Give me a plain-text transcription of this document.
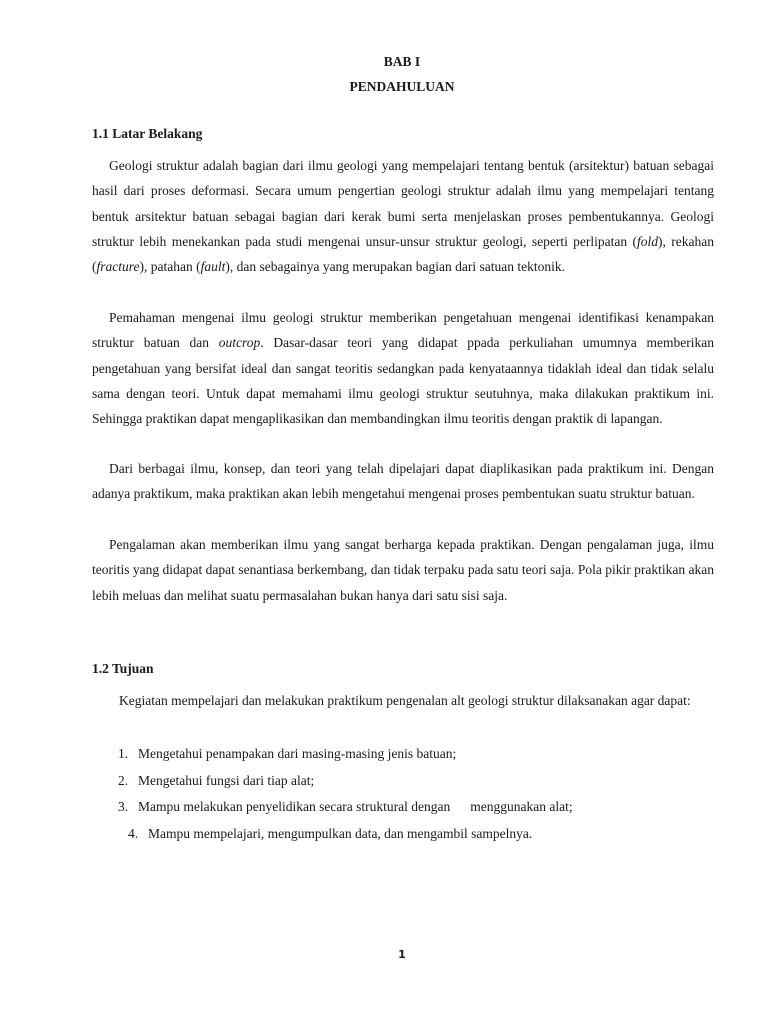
BAB I
PENDAHULUAN
1.1 Latar Belakang

Geologi struktur adalah bagian dari ilmu geologi yang mempelajari tentang bentuk (arsitektur) batuan sebagai hasil dari proses deformasi. Secara umum pengertian geologi struktur adalah ilmu yang mempelajari tentang bentuk arsitektur batuan sebagai bagian dari kerak bumi serta menjelaskan proses pembentukannya. Geologi struktur lebih menekankan pada studi mengenai unsur-unsur struktur geologi, seperti perlipatan (fold), rekahan (fracture), patahan (fault), dan sebagainya yang merupakan bagian dari satuan tektonik.

Pemahaman mengenai ilmu geologi struktur memberikan pengetahuan mengenai identifikasi kenampakan struktur batuan dan outcrop. Dasar-dasar teori yang didapat ppada perkuliahan umumnya memberikan pengetahuan yang bersifat ideal dan sangat teoritis sedangkan pada kenyataannya tidaklah ideal dan tidak selalu sama dengan teori. Untuk dapat memahami ilmu geologi struktur seutuhnya, maka dilakukan praktikum ini. Sehingga praktikan dapat mengaplikasikan dan membandingkan ilmu teoritis dengan praktik di lapangan.

Dari berbagai ilmu, konsep, dan teori yang telah dipelajari dapat diaplikasikan pada praktikum ini. Dengan adanya praktikum, maka praktikan akan lebih mengetahui mengenai proses pembentukan suatu struktur batuan.

Pengalaman akan memberikan ilmu yang sangat berharga kepada praktikan. Dengan pengalaman juga, ilmu teoritis yang didapat dapat senantiasa berkembang, dan tidak terpaku pada satu teori saja. Pola pikir praktikan akan lebih meluas dan melihat suatu permasalahan bukan hanya dari satu sisi saja.

1.2 Tujuan

Kegiatan mempelajari dan melakukan praktikum pengenalan alt geologi struktur dilaksanakan agar dapat:

1. Mengetahui penampakan dari masing-masing jenis batuan;
2. Mengetahui fungsi dari tiap alat;
3. Mampu melakukan penyelidikan secara struktural dengan menggunakan alat;
4. Mampu mempelajari, mengumpulkan data, dan mengambil sampelnya.
1
